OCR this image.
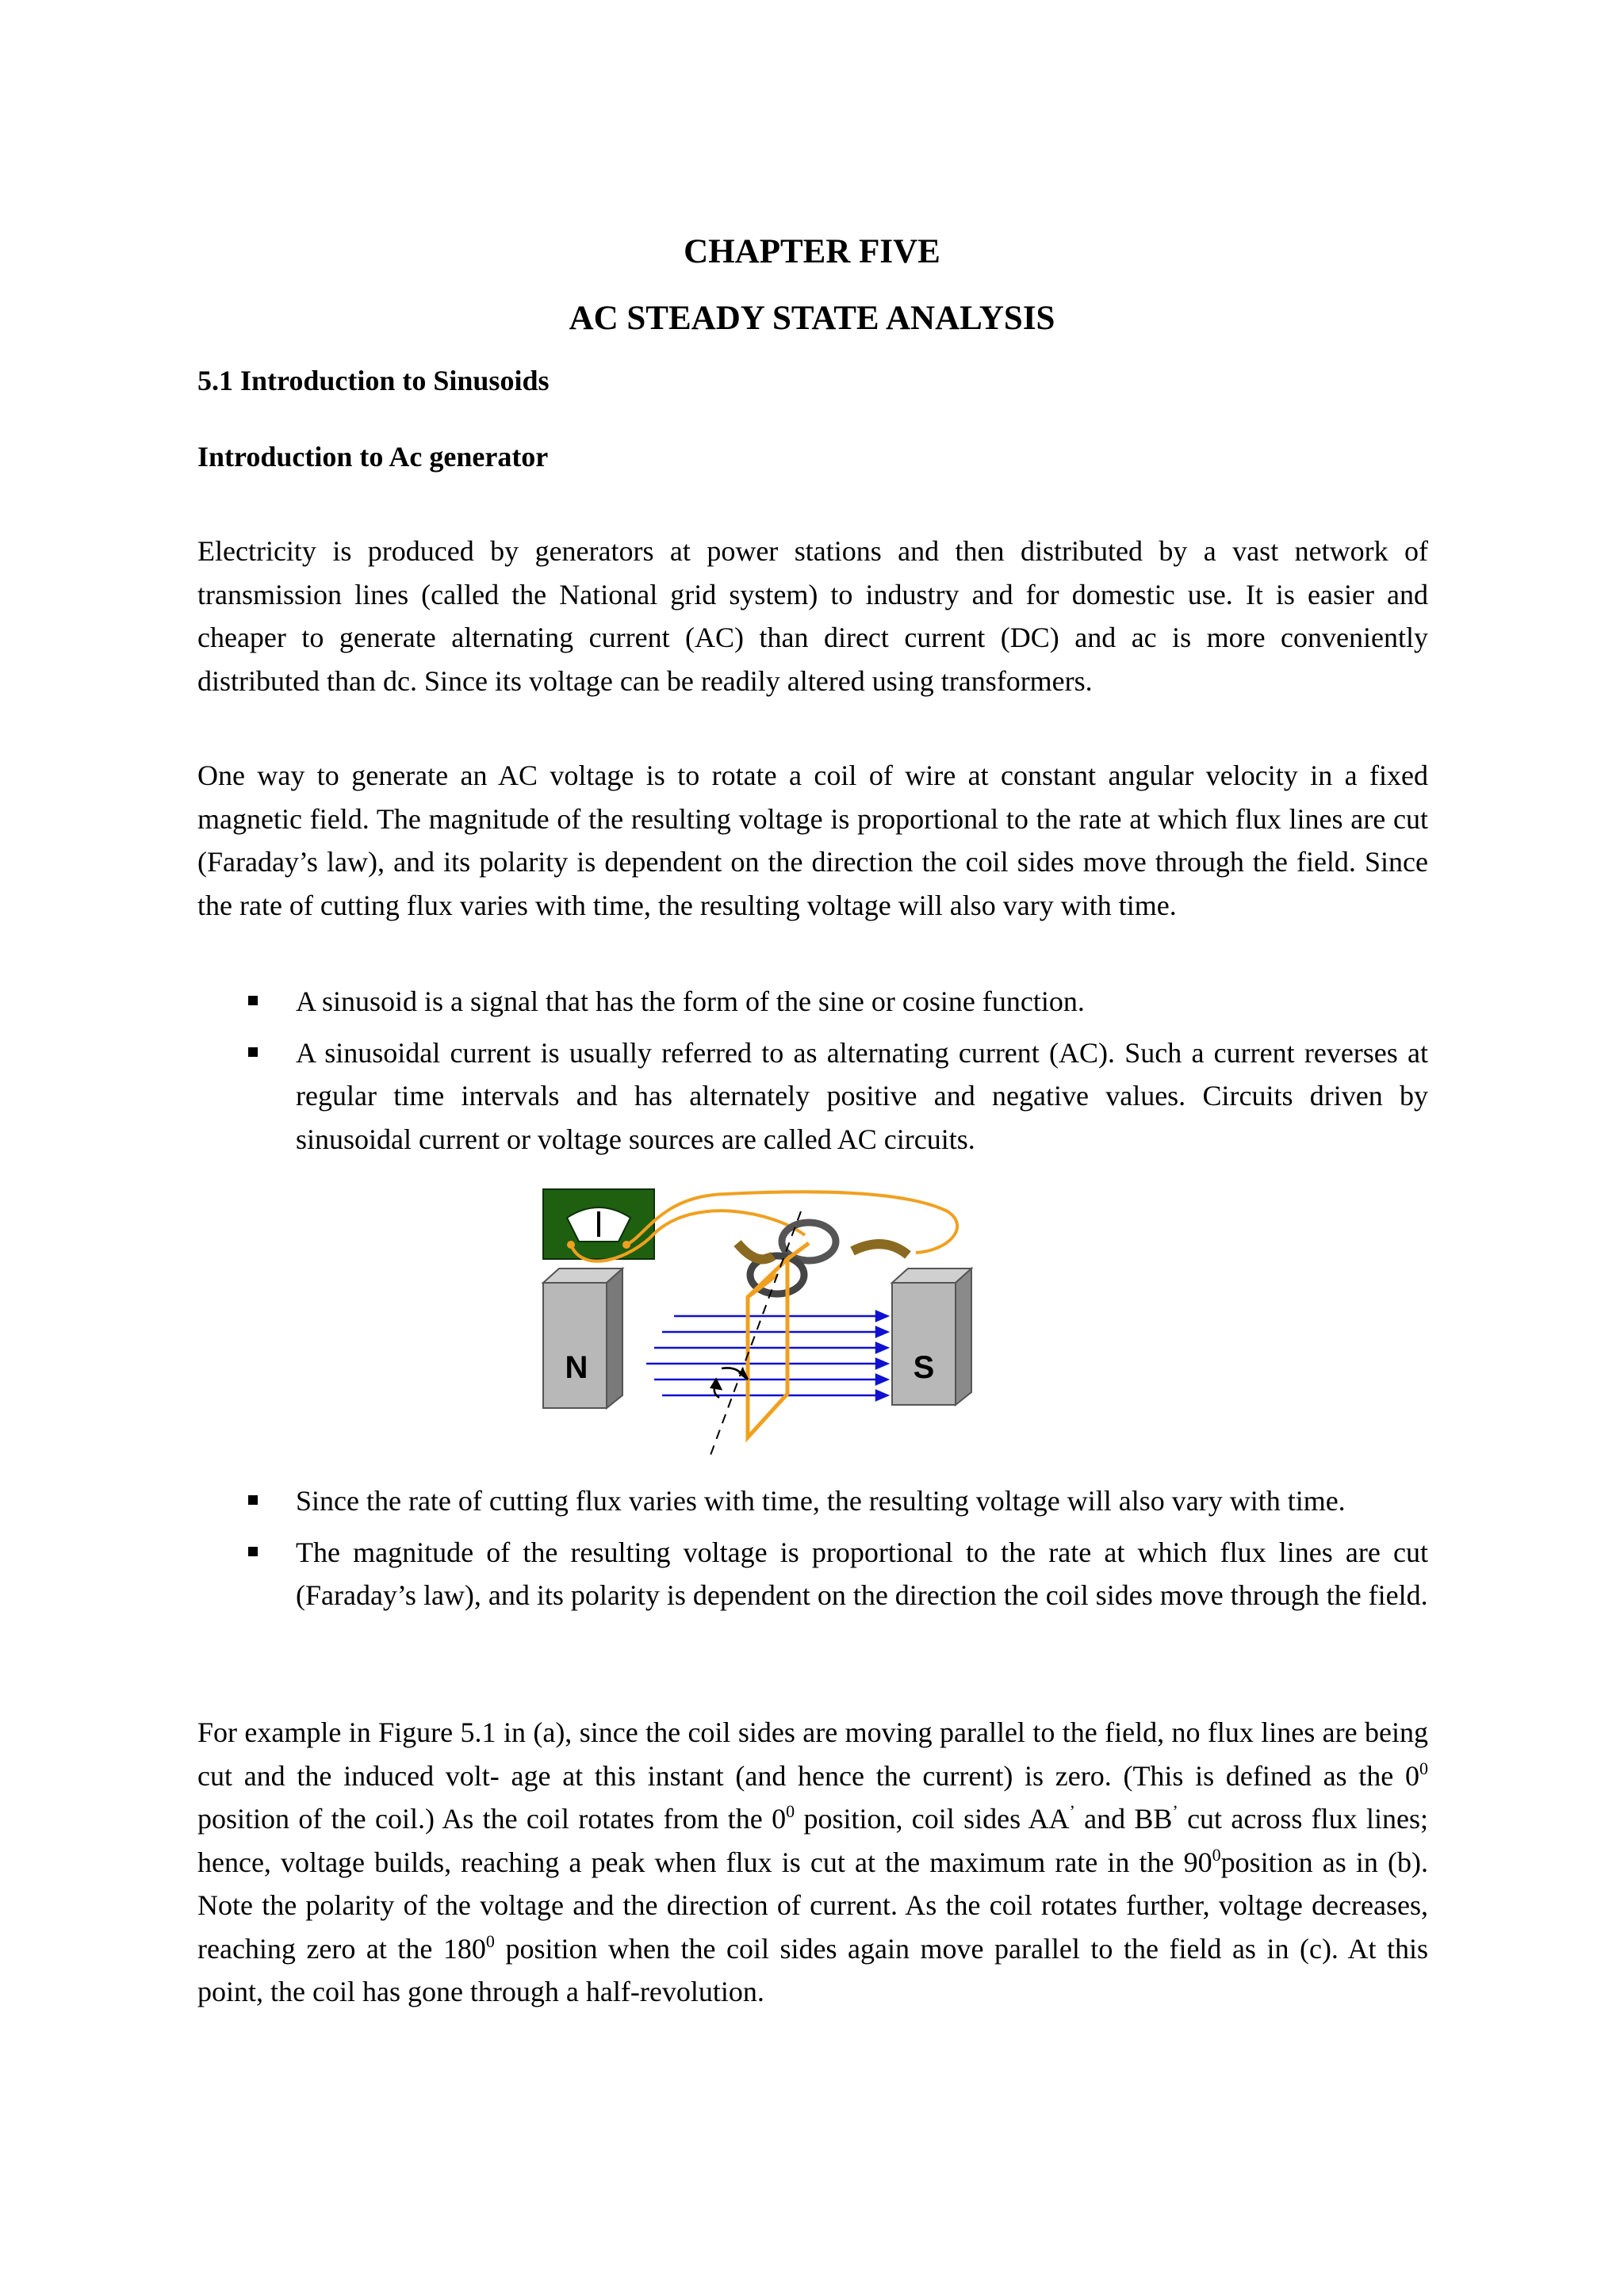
CHAPTER FIVE
AC STEADY STATE ANALYSIS
5.1 Introduction to Sinusoids
Introduction to Ac generator

Electricity is produced by generators at power stations and then distributed by a vast network of transmission lines (called the National grid system) to industry and for domestic use. It is easier and cheaper to generate alternating current (AC) than direct current (DC) and ac is more conveniently distributed than dc. Since its voltage can be readily altered using transformers.

One way to generate an AC voltage is to rotate a coil of wire at constant angular velocity in a fixed magnetic field. The magnitude of the resulting voltage is proportional to the rate at which flux lines are cut (Faraday’s law), and its polarity is dependent on the direction the coil sides move through the field. Since the rate of cutting flux varies with time, the resulting voltage will also vary with time.

A sinusoid is a signal that has the form of the sine or cosine function.
A sinusoidal current is usually referred to as alternating current (AC). Such a current reverses at regular time intervals and has alternately positive and negative values. Circuits driven by sinusoidal current or voltage sources are called AC circuits.
N	S
Since the rate of cutting flux varies with time, the resulting voltage will also vary with time.
The magnitude of the resulting voltage is proportional to the rate at which flux lines are cut (Faraday’s law), and its polarity is dependent on the direction the coil sides move through the field.

For example in Figure 5.1 in (a), since the coil sides are moving parallel to the field, no flux lines are being cut and the induced volt- age at this instant (and hence the current) is zero. (This is defined as the $0^0$ position of the coil.) As the coil rotates from the $0^0$ position, coil sides AA’ and BB’ cut across flux lines; hence, voltage builds, reaching a peak when flux is cut at the maximum rate in the $90^0position$ as in (b). Note the polarity of the voltage and the direction of current. As the coil rotates further, voltage decreases, reaching zero at the $180^0$ position when the coil sides again move parallel to the field as in (c). At this point, the coil has gone through a half-revolution.
